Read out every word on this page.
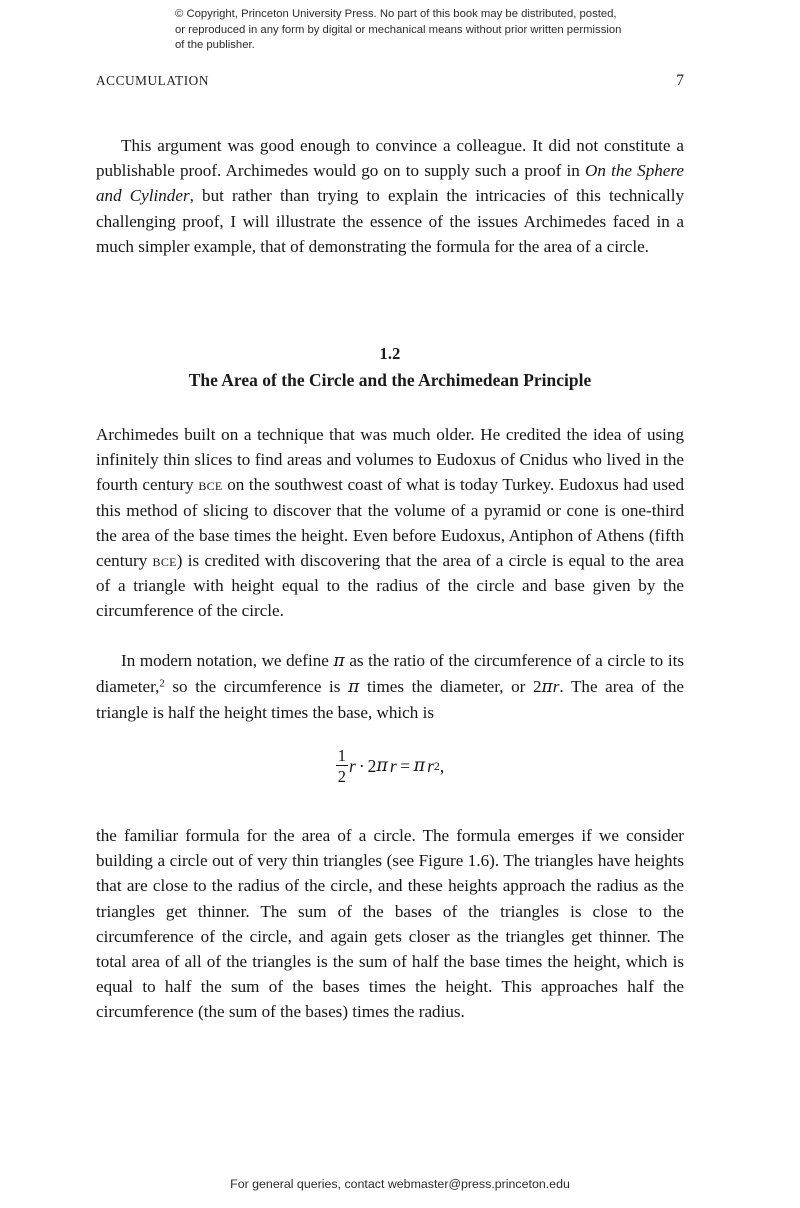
© Copyright, Princeton University Press. No part of this book may be distributed, posted, or reproduced in any form by digital or mechanical means without prior written permission of the publisher.
ACCUMULATION	7

This argument was good enough to convince a colleague. It did not constitute a publishable proof. Archimedes would go on to supply such a proof in On the Sphere and Cylinder, but rather than trying to explain the intricacies of this technically challenging proof, I will illustrate the essence of the issues Archimedes faced in a much simpler example, that of demonstrating the formula for the area of a circle.

1.2
The Area of the Circle and the Archimedean Principle

Archimedes built on a technique that was much older. He credited the idea of using infinitely thin slices to find areas and volumes to Eudoxus of Cnidus who lived in the fourth century bce on the southwest coast of what is today Turkey. Eudoxus had used this method of slicing to discover that the volume of a pyramid or cone is one-third the area of the base times the height. Even before Eudoxus, Antiphon of Athens (fifth century bce) is credited with discovering that the area of a circle is equal to the area of a triangle with height equal to the radius of the circle and base given by the circumference of the circle.

In modern notation, we define π as the ratio of the circumference of a circle to its diameter,$^2$ so the circumference is π times the diameter, or 2πr. The area of the triangle is half the height times the base, which is

$\frac{1}{2}$ r · 2 π r = π r 2 ,

the familiar formula for the area of a circle. The formula emerges if we consider building a circle out of very thin triangles (see Figure 1.6). The triangles have heights that are close to the radius of the circle, and these heights approach the radius as the triangles get thinner. The sum of the bases of the triangles is close to the circumference of the circle, and again gets closer as the triangles get thinner. The total area of all of the triangles is the sum of half the base times the height, which is equal to half the sum of the bases times the height. This approaches half the circumference (the sum of the bases) times the radius.

For general queries, contact webmaster@press.princeton.edu
